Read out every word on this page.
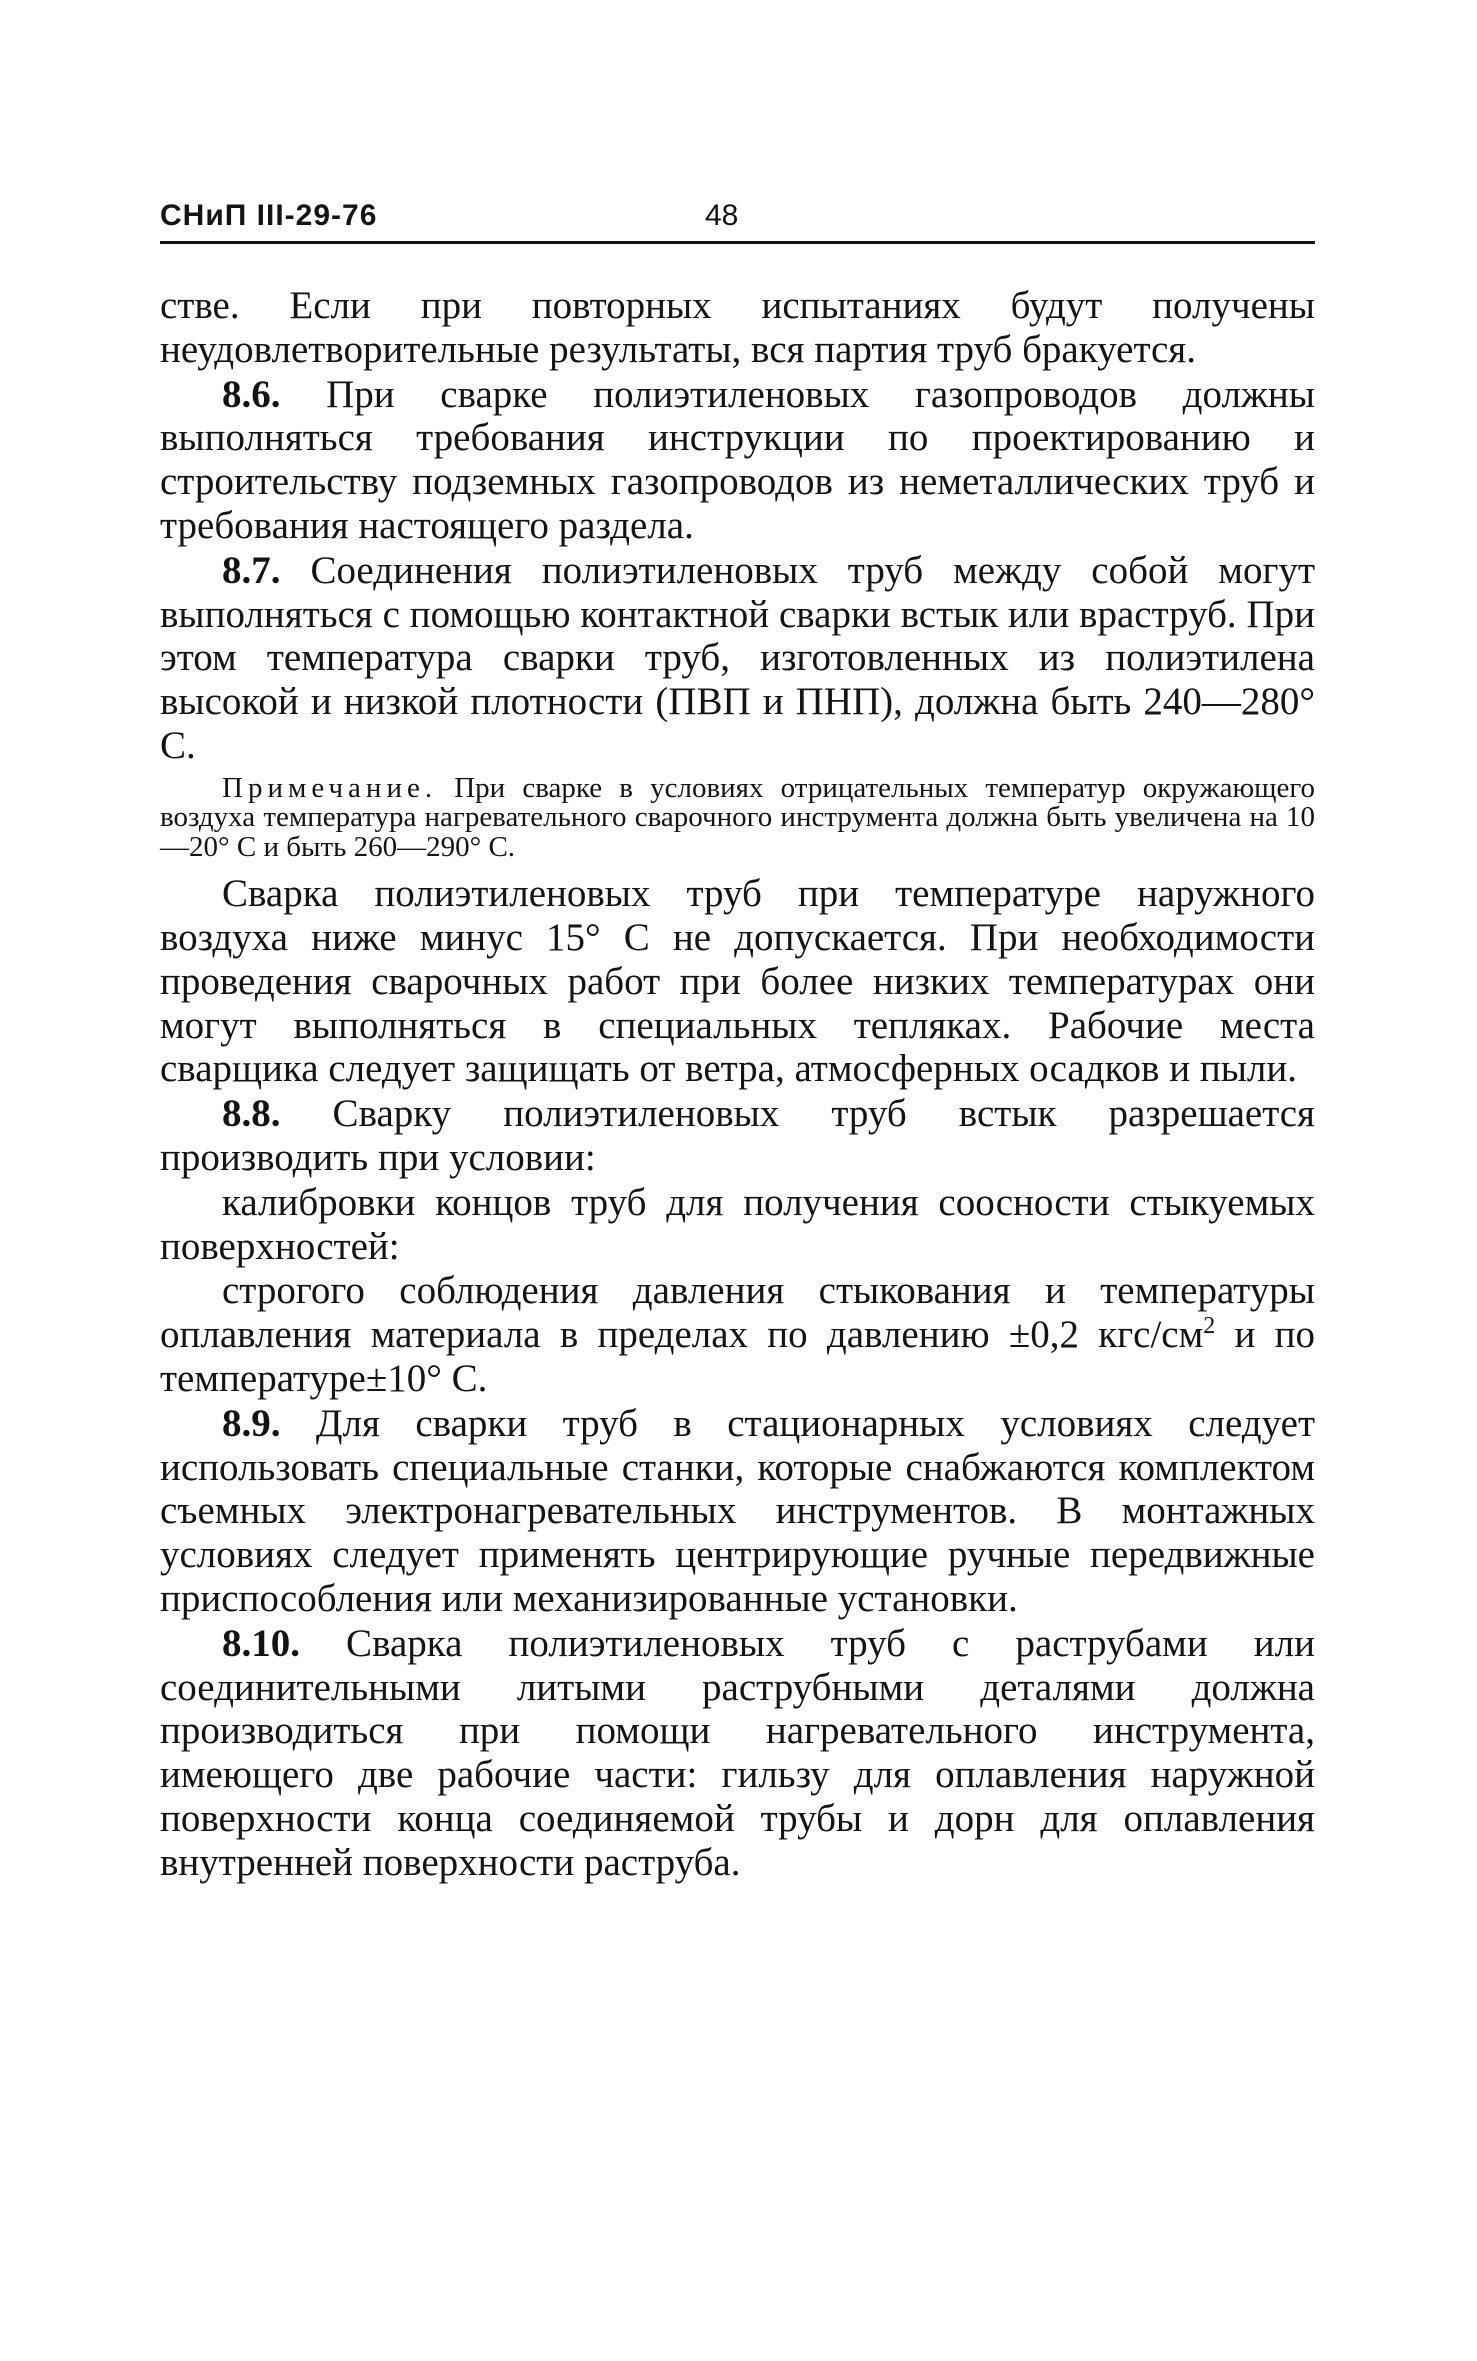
СНиП III-29-76	48

стве. Если при повторных испытаниях будут получены неудовлетворительные результаты, вся партия труб бракуется.

8.6. При сварке полиэтиленовых газопроводов должны выполняться требования инструкции по проектированию и строительству подземных газопроводов из неметаллических труб и требования настоящего раздела.

8.7. Соединения полиэтиленовых труб между собой могут выполняться с помощью контактной сварки встык или враструб. При этом температура сварки труб, изготовленных из полиэтилена высокой и низкой плотности (ПВП и ПНП), должна быть 240—280° С.

Примечание. При сварке в условиях отрицательных температур окружающего воздуха температура нагревательного сварочного инструмента должна быть увеличена на 10—20° С и быть 260—290° С.

Сварка полиэтиленовых труб при температуре наружного воздуха ниже минус 15° С не допускается. При необходимости проведения сварочных работ при более низких температурах они могут выполняться в специальных тепляках. Рабочие места сварщика следует защищать от ветра, атмосферных осадков и пыли.

8.8. Сварку полиэтиленовых труб встык разрешается производить при условии:

калибровки концов труб для получения соосности стыкуемых поверхностей:

строгого соблюдения давления стыкования и температуры оплавления материала в пределах по давлению ±0,2 кгс/$см^2$ и по температуре±10° С.

8.9. Для сварки труб в стационарных условиях следует использовать специальные станки, которые снабжаются комплектом съемных электронагревательных инструментов. В монтажных условиях следует применять центрирующие ручные передвижные приспособления или механизированные установки.

8.10. Сварка полиэтиленовых труб с раструбами или соединительными литыми раструбными деталями должна производиться при помощи нагревательного инструмента, имеющего две рабочие части: гильзу для оплавления наружной поверхности конца соединяемой трубы и дорн для оплавления внутренней поверхности раструба.
